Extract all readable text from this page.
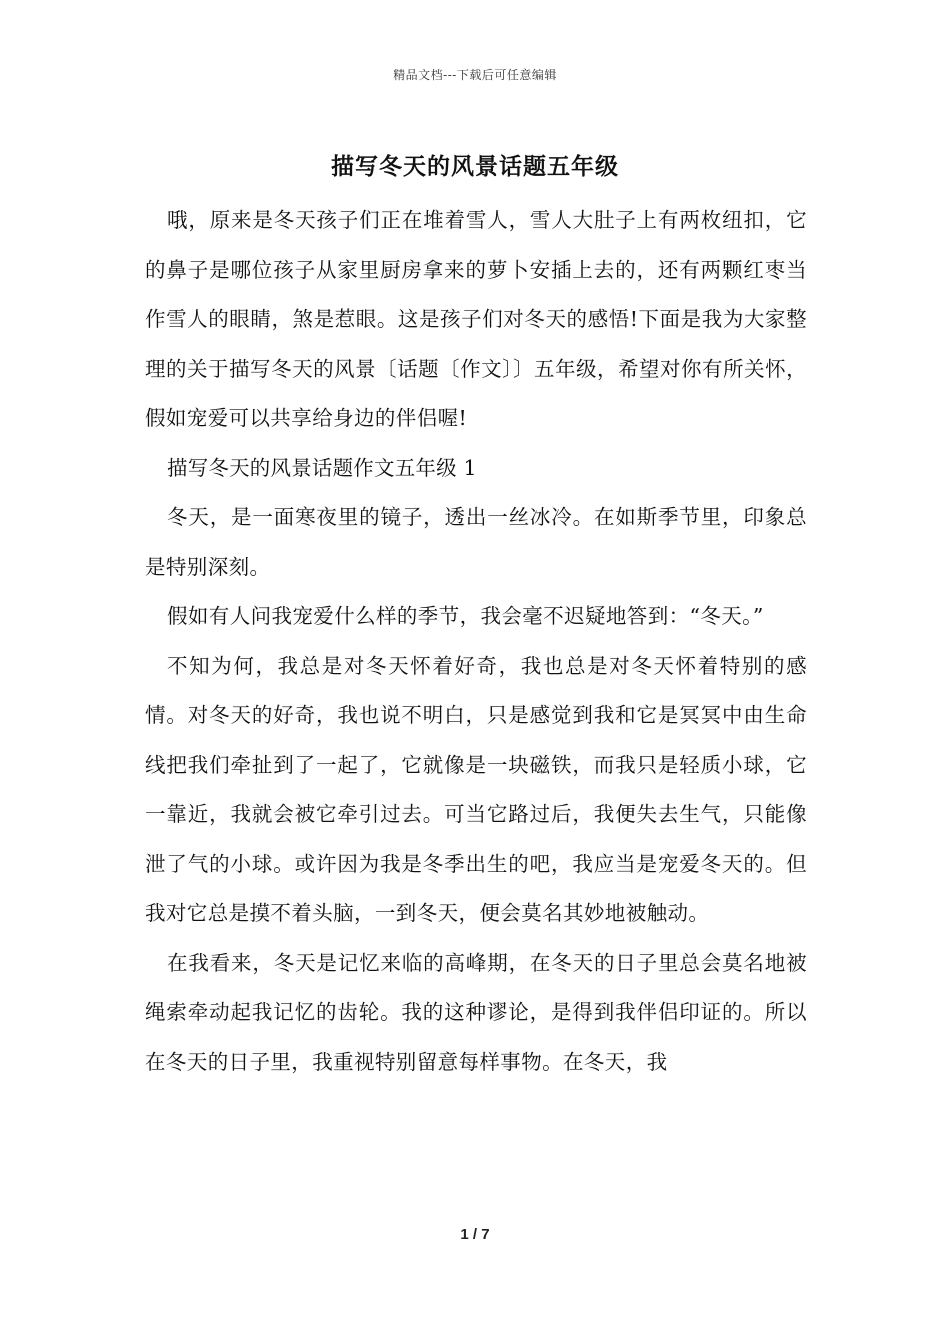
精品文档---下载后可任意编辑
描写冬天的风景话题五年级

哦，原来是冬天孩子们正在堆着雪人，雪人大肚子上有两枚纽扣，它的鼻子是哪位孩子从家里厨房拿来的萝卜安插上去的，还有两颗红枣当作雪人的眼睛，煞是惹眼。这是孩子们对冬天的感悟!下面是我为大家整理的关于描写冬天的风景〔话题〔作文〕〕五年级，希望对你有所关怀，假如宠爱可以共享给身边的伴侣喔!

描写冬天的风景话题作文五年级 1

冬天，是一面寒夜里的镜子，透出一丝冰冷。在如斯季节里，印象总是特别深刻。

假如有人问我宠爱什么样的季节，我会毫不迟疑地答到：“冬天。”

不知为何，我总是对冬天怀着好奇，我也总是对冬天怀着特别的感情。对冬天的好奇，我也说不明白，只是感觉到我和它是冥冥中由生命线把我们牵扯到了一起了，它就像是一块磁铁，而我只是轻质小球，它一靠近，我就会被它牵引过去。可当它路过后，我便失去生气，只能像泄了气的小球。或许因为我是冬季出生的吧，我应当是宠爱冬天的。但我对它总是摸不着头脑，一到冬天，便会莫名其妙地被触动。

在我看来，冬天是记忆来临的高峰期，在冬天的日子里总会莫名地被绳索牵动起我记忆的齿轮。我的这种谬论，是得到我伴侣印证的。所以在冬天的日子里，我重视特别留意每样事物。在冬天，我

1 / 7
